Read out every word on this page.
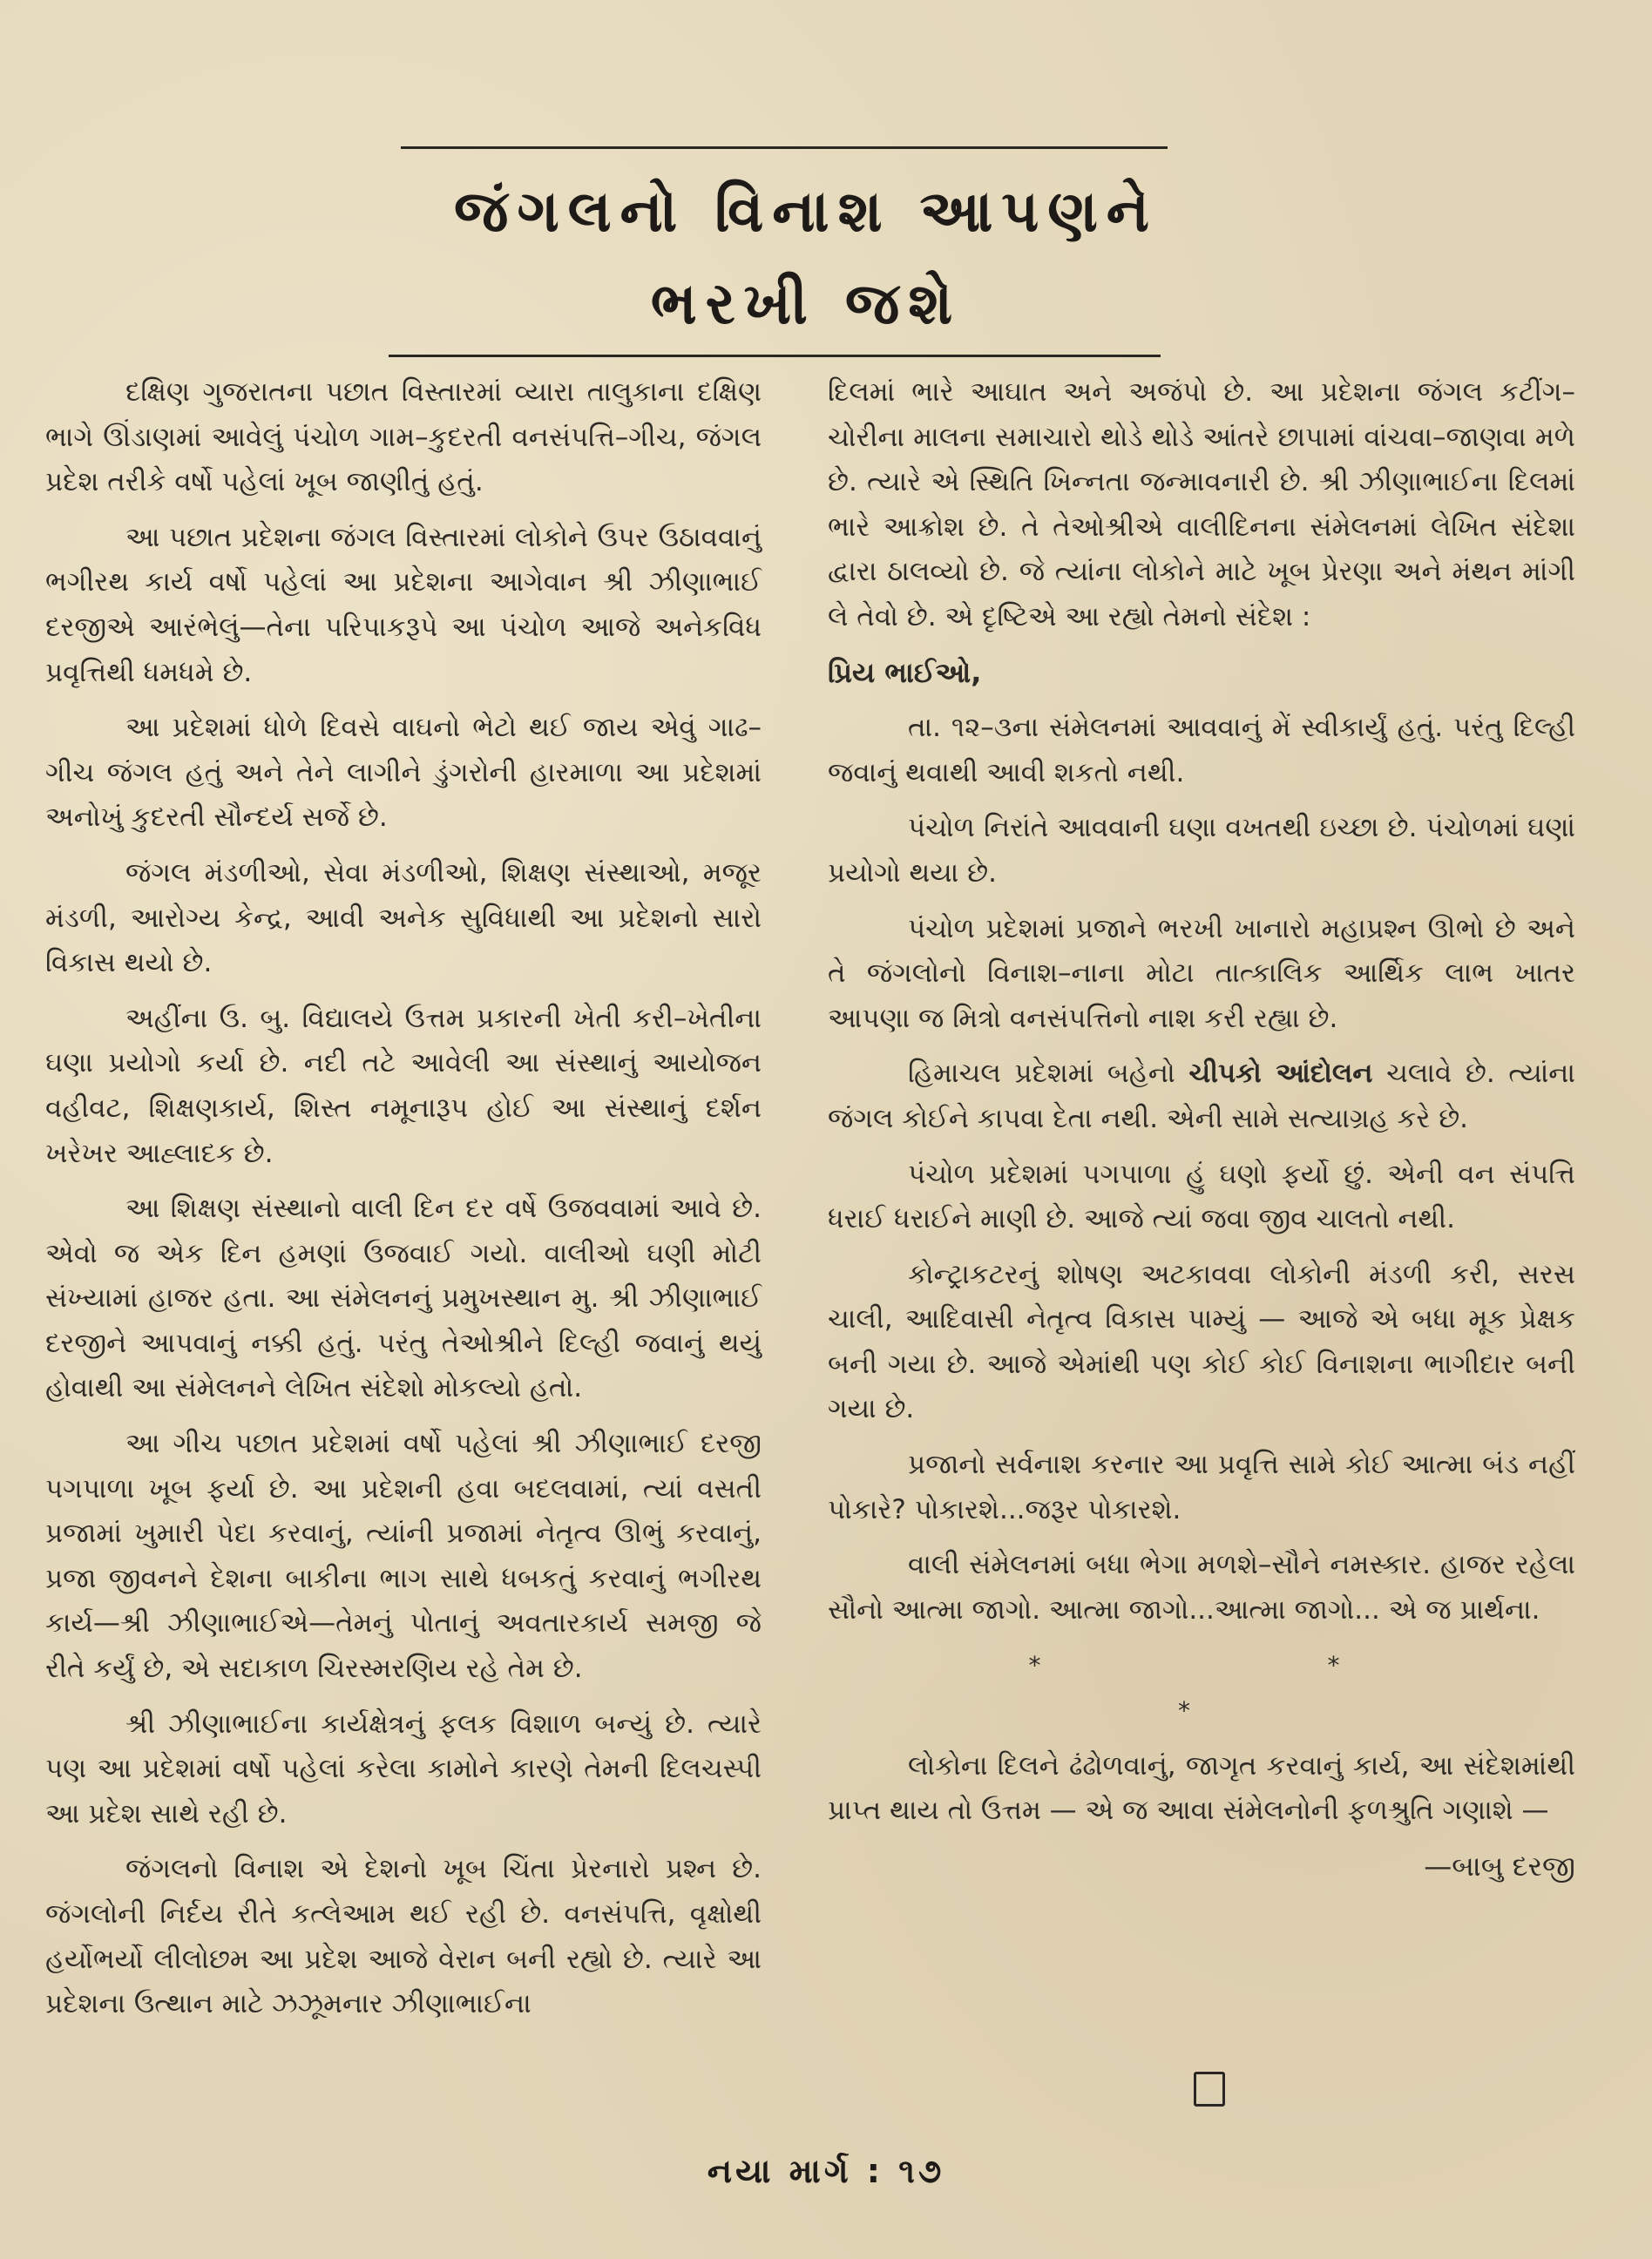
જંગલનો વિનાશ આપણને
ભરખી જશે

દક્ષિણ ગુજરાતના પછાત વિસ્તારમાં વ્યારા તાલુકાના દક્ષિણ ભાગે ઊંડાણમાં આવેલું પંચોળ ગામ–કુદરતી વનસંપત્તિ–ગીચ, જંગલ પ્રદેશ તરીકે વર્ષો પહેલાં ખૂબ જાણીતું હતું.

આ પછાત પ્રદેશના જંગલ વિસ્તારમાં લોકોને ઉપર ઉઠાવવાનું ભગીરથ કાર્ય વર્ષો પહેલાં આ પ્રદેશના આગેવાન શ્રી ઝીણાભાઈ દરજીએ આરંભેલું—તેના પરિપાકરૂપે આ પંચોળ આજે અનેકવિધ પ્રવૃત્તિથી ધમધમે છે.

આ પ્રદેશમાં ધોળે દિવસે વાઘનો ભેટો થઈ જાય એવું ગાઢ–ગીચ જંગલ હતું અને તેને લાગીને ડુંગરોની હારમાળા આ પ્રદેશમાં અનોખું કુદરતી સૌન્દર્ય સર્જે છે.

જંગલ મંડળીઓ, સેવા મંડળીઓ, શિક્ષણ સંસ્થાઓ, મજૂર મંડળી, આરોગ્ય કેન્દ્ર, આવી અનેક સુવિધાથી આ પ્રદેશનો સારો વિકાસ થયો છે.

અહીંના ઉ. બુ. વિદ્યાલયે ઉત્તમ પ્રકારની ખેતી કરી–ખેતીના ઘણા પ્રયોગો કર્યા છે. નદી તટે આવેલી આ સંસ્થાનું આયોજન વહીવટ, શિક્ષણકાર્ય, શિસ્ત નમૂનારૂપ હોઈ આ સંસ્થાનું દર્શન ખરેખર આહ્લાદક છે.

આ શિક્ષણ સંસ્થાનો વાલી દિન દર વર્ષે ઉજવવામાં આવે છે. એવો જ એક દિન હમણાં ઉજવાઈ ગયો. વાલીઓ ઘણી મોટી સંખ્યામાં હાજર હતા. આ સંમેલનનું પ્રમુખસ્થાન મુ. શ્રી ઝીણાભાઈ દરજીને આપવાનું નક્કી હતું. પરંતુ તેઓશ્રીને દિલ્હી જવાનું થયું હોવાથી આ સંમેલનને લેખિત સંદેશો મોકલ્યો હતો.

આ ગીચ પછાત પ્રદેશમાં વર્ષો પહેલાં શ્રી ઝીણાભાઈ દરજી પગપાળા ખૂબ ફર્યા છે. આ પ્રદેશની હવા બદલવામાં, ત્યાં વસતી પ્રજામાં ખુમારી પેદા કરવાનું, ત્યાંની પ્રજામાં નેતૃત્વ ઊભું કરવાનું, પ્રજા જીવનને દેશના બાકીના ભાગ સાથે ધબકતું કરવાનું ભગીરથ કાર્ય—શ્રી ઝીણાભાઈએ—તેમનું પોતાનું અવતારકાર્ય સમજી જે રીતે કર્યું છે, એ સદાકાળ ચિરસ્મરણિય રહે તેમ છે.

શ્રી ઝીણાભાઈના કાર્યક્ષેત્રનું ફલક વિશાળ બન્યું છે. ત્યારે પણ આ પ્રદેશમાં વર્ષો પહેલાં કરેલા કામોને કારણે તેમની દિલચસ્પી આ પ્રદેશ સાથે રહી છે.

જંગલનો વિનાશ એ દેશનો ખૂબ ચિંતા પ્રેરનારો પ્રશ્ન છે. જંગલોની નિર્દય રીતે કત્લેઆમ થઈ રહી છે. વનસંપત્તિ, વૃક્ષોથી હર્યોભર્યો લીલોછમ આ પ્રદેશ આજે વેરાન બની રહ્યો છે. ત્યારે આ પ્રદેશના ઉત્થાન માટે ઝઝૂમનાર ઝીણાભાઈના

દિલમાં ભારે આઘાત અને અજંપો છે. આ પ્રદેશના જંગલ કટીંગ–ચોરીના માલના સમાચારો થોડે થોડે આંતરે છાપામાં વાંચવા–જાણવા મળે છે. ત્યારે એ સ્થિતિ ખિન્નતા જન્માવનારી છે. શ્રી ઝીણાભાઈના દિલમાં ભારે આક્રોશ છે. તે તેઓશ્રીએ વાલીદિનના સંમેલનમાં લેખિત સંદેશા દ્વારા ઠાલવ્યો છે. જે ત્યાંના લોકોને માટે ખૂબ પ્રેરણા અને મંથન માંગી લે તેવો છે. એ દૃષ્ટિએ આ રહ્યો તેમનો સંદેશ :

પ્રિય ભાઈઓ,

તા. ૧૨–૩ના સંમેલનમાં આવવાનું મેં સ્વીકાર્યું હતું. પરંતુ દિલ્હી જવાનું થવાથી આવી શકતો નથી.

પંચોળ નિરાંતે આવવાની ઘણા વખતથી ઇચ્છા છે. પંચોળમાં ઘણાં પ્રયોગો થયા છે.

પંચોળ પ્રદેશમાં પ્રજાને ભરખી ખાનારો મહાપ્રશ્ન ઊભો છે અને તે જંગલોનો વિનાશ–નાના મોટા તાત્કાલિક આર્થિક લાભ ખાતર આપણા જ મિત્રો વનસંપત્તિનો નાશ કરી રહ્યા છે.

હિમાચલ પ્રદેશમાં બહેનો ચીપકો આંદોલન ચલાવે છે. ત્યાંના જંગલ કોઈને કાપવા દેતા નથી. એની સામે સત્યાગ્રહ કરે છે.

પંચોળ પ્રદેશમાં પગપાળા હું ઘણો ફર્યો છું. એની વન સંપત્તિ ધરાઈ ધરાઈને માણી છે. આજે ત્યાં જવા જીવ ચાલતો નથી.

કોન્ટ્રાકટરનું શોષણ અટકાવવા લોકોની મંડળી કરી, સરસ ચાલી, આદિવાસી નેતૃત્વ વિકાસ પામ્યું — આજે એ બધા મૂક પ્રેક્ષક બની ગયા છે. આજે એમાંથી પણ કોઈ કોઈ વિનાશના ભાગીદાર બની ગયા છે.

પ્રજાનો સર્વનાશ કરનાર આ પ્રવૃત્તિ સામે કોઈ આત્મા બંડ નહીં પોકારે? પોકારશે...જરૂર પોકારશે.

વાલી સંમેલનમાં બધા ભેગા મળશે–સૌને નમસ્કાર. હાજર રહેલા સૌનો આત્મા જાગો. આત્મા જાગો...આત્મા જાગો... એ જ પ્રાર્થના.

* * *

લોકોના દિલને ઢંઢોળવાનું, જાગૃત કરવાનું કાર્ય, આ સંદેશમાંથી પ્રાપ્ત થાય તો ઉત્તમ — એ જ આવા સંમેલનોની ફળશ્રુતિ ગણાશે —

—બાબુ દરજી

નયા માર્ગ : ૧૭
